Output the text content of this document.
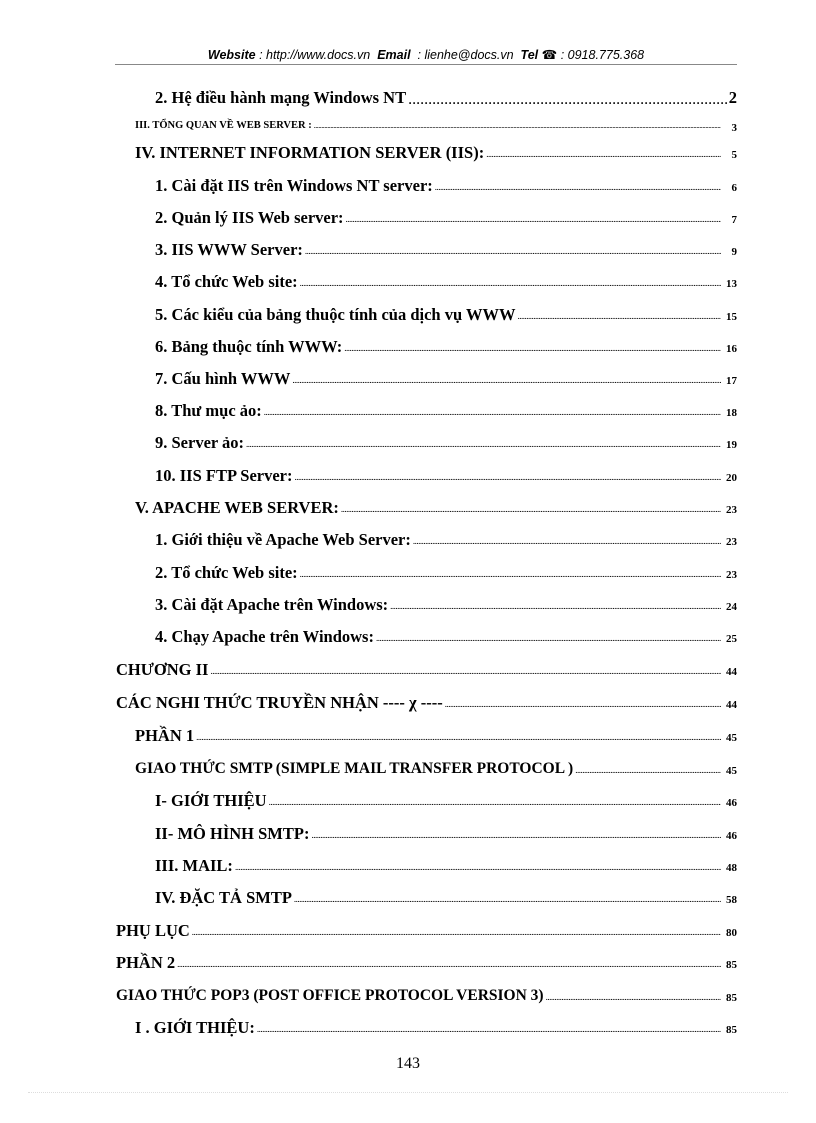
Website : http://www.docs.vn Email : lienhe@docs.vn Tel ☎ : 0918.775.368
2. Hệ điều hành mạng Windows NT .....	2
III. TỔNG QUAN VỀ WEB SERVER : .....	3
IV. INTERNET INFORMATION SERVER (IIS): .....	5
1. Cài đặt IIS trên Windows NT server: .....	6
2. Quản lý IIS Web server: .....	7
3. IIS WWW Server: .....	9
4. Tổ chức Web site: .....	13
5. Các kiểu của bảng thuộc tính của dịch vụ WWW .....	15
6. Bảng thuộc tính WWW: .....	16
7. Cấu hình WWW .....	17
8. Thư mục ảo: .....	18
9. Server ảo: .....	19
10. IIS FTP Server: .....	20
V. APACHE WEB SERVER: .....	23
1. Giới thiệu về Apache Web Server: .....	23
2. Tổ chức Web site: .....	23
3. Cài đặt Apache trên Windows: .....	24
4. Chạy Apache trên Windows: .....	25
CHƯƠNG II .....	44
CÁC NGHI THỨC TRUYỀN NHẬN ---- χ ---- .....	44
PHẦN 1 .....	45
GIAO THỨC SMTP (SIMPLE MAIL TRANSFER PROTOCOL ) .....	45
I- GIỚI THIỆU .....	46
II- MÔ HÌNH SMTP: .....	46
III. MAIL: .....	48
IV. ĐẶC TẢ SMTP .....	58
PHỤ LỤC .....	80
PHẦN 2 .....	85
GIAO THỨC POP3 (POST OFFICE PROTOCOL VERSION 3) .....	85
I . GIỚI THIỆU: .....	85
143
